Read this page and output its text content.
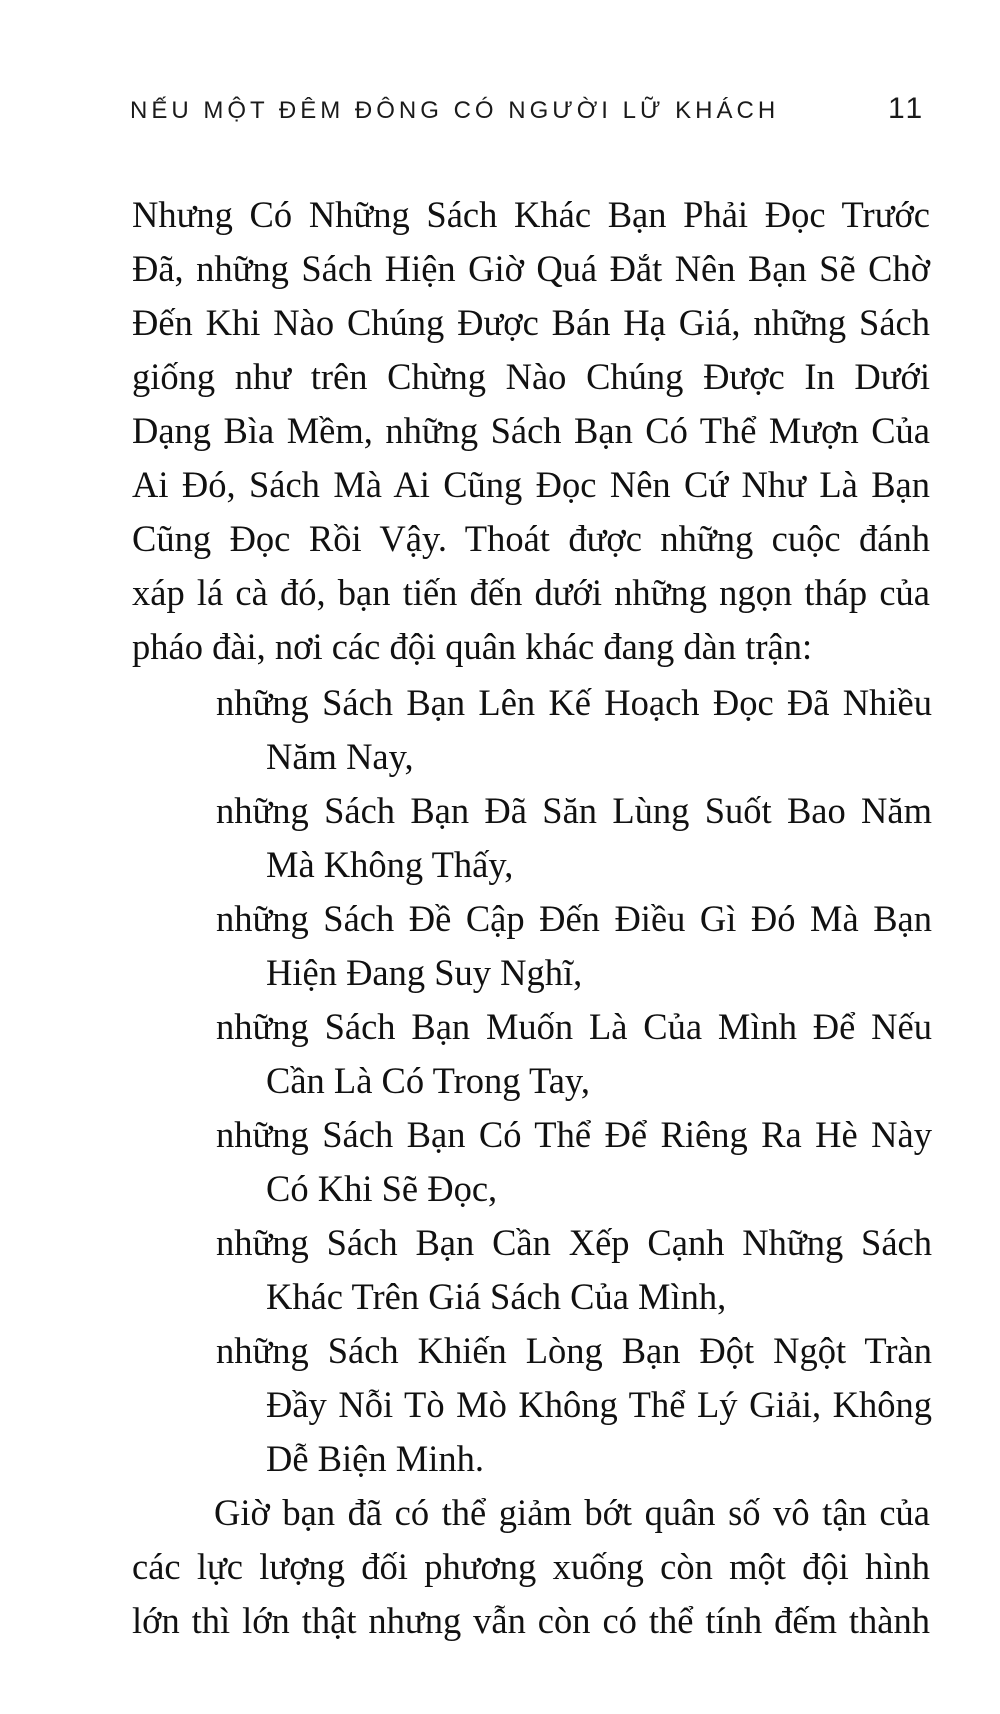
NẾU MỘT ĐÊM ĐÔNG CÓ NGƯỜI LỮ KHÁCH	11
Nhưng Có Những Sách Khác Bạn Phải Đọc Trước
Đã, những Sách Hiện Giờ Quá Đắt Nên Bạn Sẽ Chờ
Đến Khi Nào Chúng Được Bán Hạ Giá, những Sách
giống như trên Chừng Nào Chúng Được In Dưới
Dạng Bìa Mềm, những Sách Bạn Có Thể Mượn Của
Ai Đó, Sách Mà Ai Cũng Đọc Nên Cứ Như Là Bạn
Cũng Đọc Rồi Vậy. Thoát được những cuộc đánh
xáp lá cà đó, bạn tiến đến dưới những ngọn tháp của
pháo đài, nơi các đội quân khác đang dàn trận:
những Sách Bạn Lên Kế Hoạch Đọc Đã Nhiều
Năm Nay,
những Sách Bạn Đã Săn Lùng Suốt Bao Năm
Mà Không Thấy,
những Sách Đề Cập Đến Điều Gì Đó Mà Bạn
Hiện Đang Suy Nghĩ,
những Sách Bạn Muốn Là Của Mình Để Nếu
Cần Là Có Trong Tay,
những Sách Bạn Có Thể Để Riêng Ra Hè Này
Có Khi Sẽ Đọc,
những Sách Bạn Cần Xếp Cạnh Những Sách
Khác Trên Giá Sách Của Mình,
những Sách Khiến Lòng Bạn Đột Ngột Tràn
Đầy Nỗi Tò Mò Không Thể Lý Giải, Không
Dễ Biện Minh.
Giờ bạn đã có thể giảm bớt quân số vô tận của
các lực lượng đối phương xuống còn một đội hình
lớn thì lớn thật nhưng vẫn còn có thể tính đếm thành
